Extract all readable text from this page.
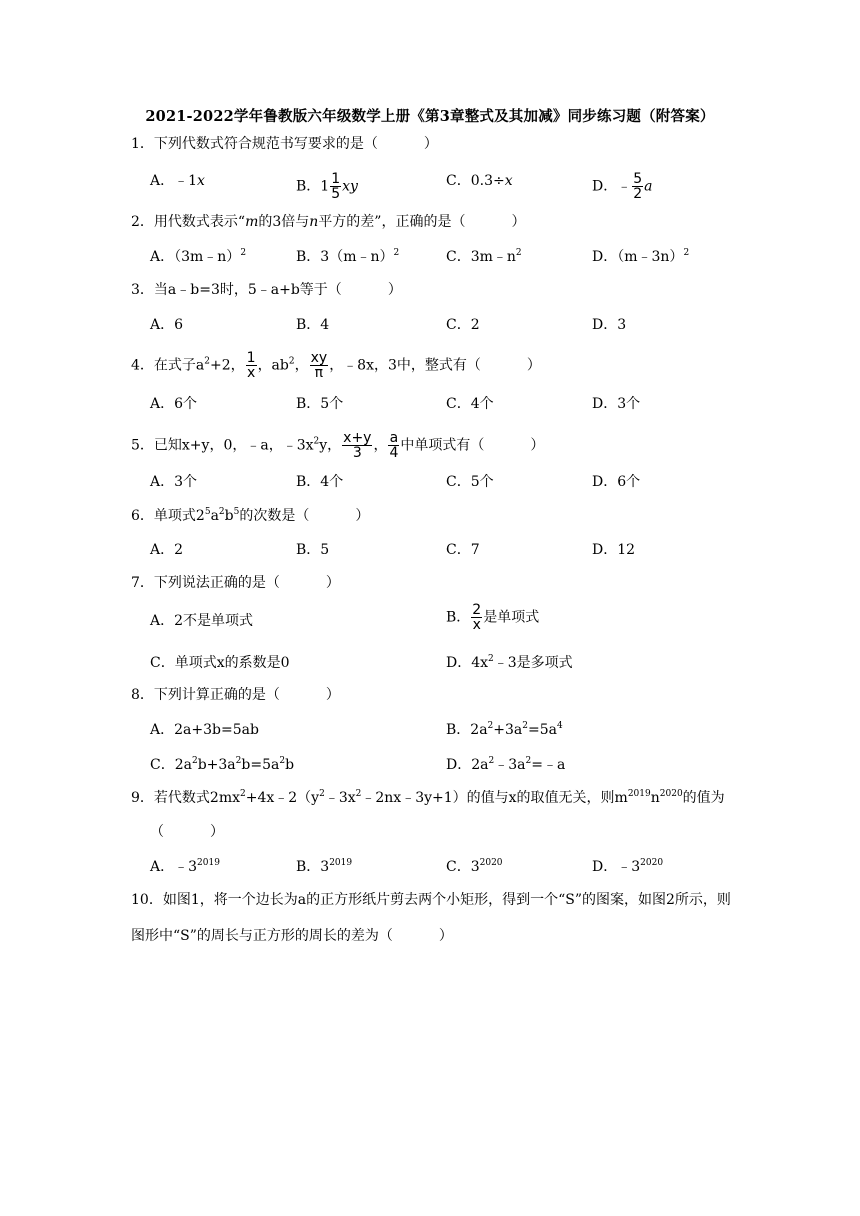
2021-2022学年鲁教版六年级数学上册《第3章整式及其加减》同步练习题（附答案）
1．下列代数式符合规范书写要求的是（	）
A．﹣1x	B．$1 \frac{1}{5}$ xy	C．0.3÷x	D．﹣ $\frac{5}{2}$ a
2．用代数式表示“m的3倍与n平方的差”，正确的是（	）
A．（3m﹣n）$^2$	B．3（m﹣n）$^2$	C．$3m﹣n^2$	D．（m﹣3n）$^2$
3．当a﹣b=3时，5﹣a+b等于（	）
A．6	B．4	C．2	D．3
4．在式子$a^2+2$， $\frac{1}{x}$ ，$ab^2$， $\frac{xy}{\pi}$ ，﹣8x，3中，整式有（	）
A．6个	B．5个	C．4个	D．3个
5．已知x+y，0，﹣a，$﹣3x^2y$， $\frac{x+y}{3}$ ， $\frac{a}{4}$ 中单项式有（	）
A．3个	B．4个	C．5个	D．6个
6．单项式$2^5a^2b^5$的次数是（	）
A．2	B．5	C．7	D．12
7．下列说法正确的是（	）
A．2不是单项式	B． $\frac{2}{x}$ 是单项式
C．单项式x的系数是0	D．$4x^2﹣3$是多项式
8．下列计算正确的是（	）
A．2a+3b=5ab	B．$2a^2+3a^2=5a^4$
C．$2a^2b+3a^2b=5a^2b$	D．$2a^2﹣3a^2=﹣a$
9．若代数式$2mx^2+4x﹣2(y^2﹣3x^2﹣2nx﹣3y+1)$的值与x的取值无关，则$m^{2019}n^{2020}$的值为
（	）
A．$﹣3^{2019}$	B．$3^{2019}$	C．$3^{2020}$	D．$﹣3^{2020}$
10．如图1，将一个边长为a的正方形纸片剪去两个小矩形，得到一个“S”的图案，如图2所示，则图形中“S”的周长与正方形的周长的差为（	）
